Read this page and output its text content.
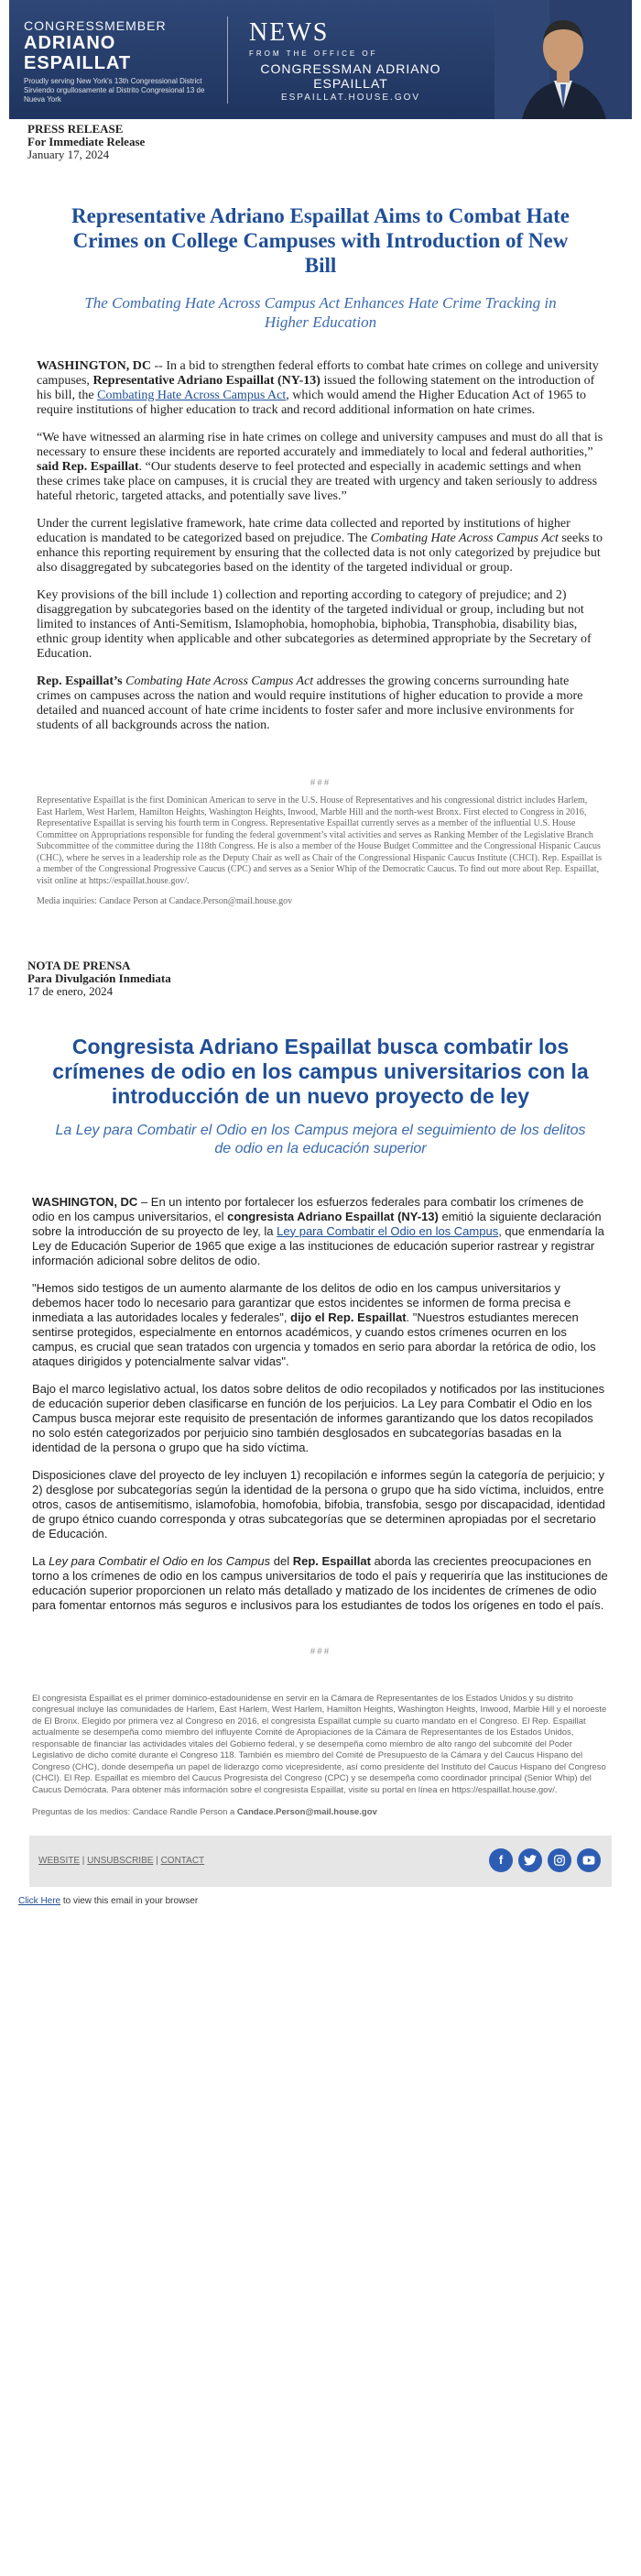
CONGRESSMEMBER
ADRIANO ESPAILLAT
Proudly serving New York's 13th Congressional District
Sirviendo orgullosamente al Distrito Congresional 13 de Nueva York
NEWS
FROM THE OFFICE OF
CONGRESSMAN ADRIANO ESPAILLAT
ESPAILLAT.HOUSE.GOV
PRESS RELEASE
For Immediate Release
January 17, 2024
Representative Adriano Espaillat Aims to Combat Hate Crimes on College Campuses with Introduction of New Bill
The Combating Hate Across Campus Act Enhances Hate Crime Tracking in Higher Education

WASHINGTON, DC -- In a bid to strengthen federal efforts to combat hate crimes on college and university campuses, Representative Adriano Espaillat (NY-13) issued the following statement on the introduction of his bill, the Combating Hate Across Campus Act, which would amend the Higher Education Act of 1965 to require institutions of higher education to track and record additional information on hate crimes.

“We have witnessed an alarming rise in hate crimes on college and university campuses and must do all that is necessary to ensure these incidents are reported accurately and immediately to local and federal authorities,” said Rep. Espaillat. “Our students deserve to feel protected and especially in academic settings and when these crimes take place on campuses, it is crucial they are treated with urgency and taken seriously to address hateful rhetoric, targeted attacks, and potentially save lives.”

Under the current legislative framework, hate crime data collected and reported by institutions of higher education is mandated to be categorized based on prejudice. The Combating Hate Across Campus Act seeks to enhance this reporting requirement by ensuring that the collected data is not only categorized by prejudice but also disaggregated by subcategories based on the identity of the targeted individual or group.

Key provisions of the bill include 1) collection and reporting according to category of prejudice; and 2) disaggregation by subcategories based on the identity of the targeted individual or group, including but not limited to instances of Anti-Semitism, Islamophobia, homophobia, biphobia, Transphobia, disability bias, ethnic group identity when applicable and other subcategories as determined appropriate by the Secretary of Education.

Rep. Espaillat’s Combating Hate Across Campus Act addresses the growing concerns surrounding hate crimes on campuses across the nation and would require institutions of higher education to provide a more detailed and nuanced account of hate crime incidents to foster safer and more inclusive environments for students of all backgrounds across the nation.

###

Representative Espaillat is the first Dominican American to serve in the U.S. House of Representatives and his congressional district includes Harlem, East Harlem, West Harlem, Hamilton Heights, Washington Heights, Inwood, Marble Hill and the north-west Bronx. First elected to Congress in 2016, Representative Espaillat is serving his fourth term in Congress. Representative Espaillat currently serves as a member of the influential U.S. House Committee on Appropriations responsible for funding the federal government’s vital activities and serves as Ranking Member of the Legislative Branch Subcommittee of the committee during the 118th Congress. He is also a member of the House Budget Committee and the Congressional Hispanic Caucus (CHC), where he serves in a leadership role as the Deputy Chair as well as Chair of the Congressional Hispanic Caucus Institute (CHCI). Rep. Espaillat is a member of the Congressional Progressive Caucus (CPC) and serves as a Senior Whip of the Democratic Caucus. To find out more about Rep. Espaillat, visit online at https://espaillat.house.gov/.

Media inquiries: Candace Person at Candace.Person@mail.house.gov

NOTA DE PRENSA
Para Divulgación Inmediata
17 de enero, 2024
Congresista Adriano Espaillat busca combatir los crímenes de odio en los campus universitarios con la introducción de un nuevo proyecto de ley
La Ley para Combatir el Odio en los Campus mejora el seguimiento de los delitos de odio en la educación superior

WASHINGTON, DC – En un intento por fortalecer los esfuerzos federales para combatir los crímenes de odio en los campus universitarios, el congresista Adriano Espaillat (NY-13) emitió la siguiente declaración sobre la introducción de su proyecto de ley, la Ley para Combatir el Odio en los Campus, que enmendaría la Ley de Educación Superior de 1965 que exige a las instituciones de educación superior rastrear y registrar información adicional sobre delitos de odio.

"Hemos sido testigos de un aumento alarmante de los delitos de odio en los campus universitarios y debemos hacer todo lo necesario para garantizar que estos incidentes se informen de forma precisa e inmediata a las autoridades locales y federales", dijo el Rep. Espaillat. "Nuestros estudiantes merecen sentirse protegidos, especialmente en entornos académicos, y cuando estos crímenes ocurren en los campus, es crucial que sean tratados con urgencia y tomados en serio para abordar la retórica de odio, los ataques dirigidos y potencialmente salvar vidas".

Bajo el marco legislativo actual, los datos sobre delitos de odio recopilados y notificados por las instituciones de educación superior deben clasificarse en función de los perjuicios. La Ley para Combatir el Odio en los Campus busca mejorar este requisito de presentación de informes garantizando que los datos recopilados no solo estén categorizados por perjuicio sino también desglosados en subcategorías basadas en la identidad de la persona o grupo que ha sido víctima.

Disposiciones clave del proyecto de ley incluyen 1) recopilación e informes según la categoría de perjuicio; y 2) desglose por subcategorías según la identidad de la persona o grupo que ha sido víctima, incluidos, entre otros, casos de antisemitismo, islamofobia, homofobia, bifobia, transfobia, sesgo por discapacidad, identidad de grupo étnico cuando corresponda y otras subcategorías que se determinen apropiadas por el secretario de Educación.

La Ley para Combatir el Odio en los Campus del Rep. Espaillat aborda las crecientes preocupaciones en torno a los crímenes de odio en los campus universitarios de todo el país y requeriría que las instituciones de educación superior proporcionen un relato más detallado y matizado de los incidentes de crímenes de odio para fomentar entornos más seguros e inclusivos para los estudiantes de todos los orígenes en todo el país.

###

El congresista Espaillat es el primer dominico-estadounidense en servir en la Cámara de Representantes de los Estados Unidos y su distrito congresual incluye las comunidades de Harlem, East Harlem, West Harlem, Hamilton Heights, Washington Heights, Inwood, Marble Hill y el noroeste de El Bronx. Elegido por primera vez al Congreso en 2016, el congresista Espaillat cumple su cuarto mandato en el Congreso. El Rep. Espaillat actualmente se desempeña como miembro del influyente Comité de Apropiaciones de la Cámara de Representantes de los Estados Unidos, responsable de financiar las actividades vitales del Gobierno federal, y se desempeña como miembro de alto rango del subcomité del Poder Legislativo de dicho comité durante el Congreso 118. También es miembro del Comité de Presupuesto de la Cámara y del Caucus Hispano del Congreso (CHC), donde desempeña un papel de liderazgo como vicepresidente, así como presidente del Instituto del Caucus Hispano del Congreso (CHCI). El Rep. Espaillat es miembro del Caucus Progresista del Congreso (CPC) y se desempeña como coordinador principal (Senior Whip) del Caucus Demócrata. Para obtener más información sobre el congresista Espaillat, visite su portal en línea en https://espaillat.house.gov/.

Preguntas de los medios: Candace Randle Person a Candace.Person@mail.house.gov

WEBSITE | UNSUBSCRIBE | CONTACT	f
Click Here to view this email in your browser
